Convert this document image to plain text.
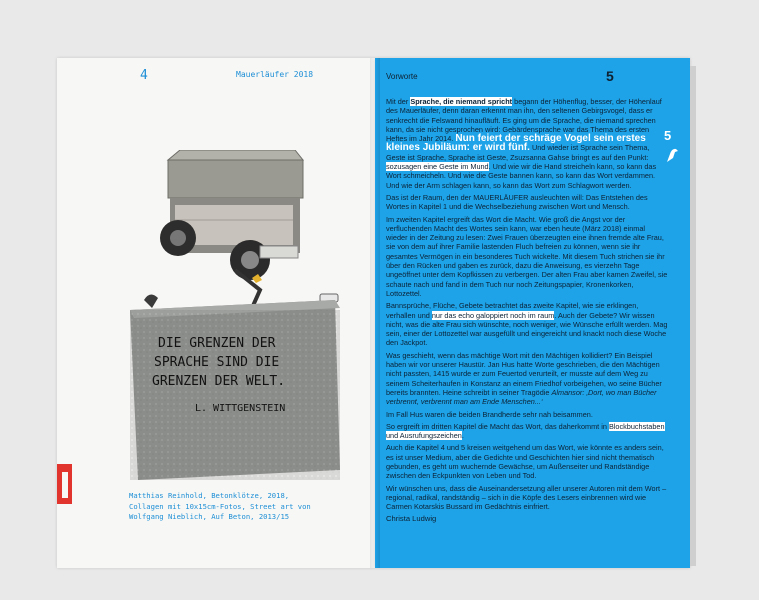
4	Mauerläufer 2018
DIE GRENZEN DER
SPRACHE SIND DIE
GRENZEN DER WELT.
L. WITTGENSTEIN
Matthias Reinhold, Betonklötze, 2018,
Collagen mit 10x15cm-Fotos, Street art von
Wolfgang Nieblich, Auf Beton, 2013/15
Vorworte	5
5

Mit der Sprache, die niemand spricht begann der Höhenflug, besser, der Höhenlauf des Mauerläufer, denn daran erkennt man ihn, den seltenen Gebirgsvogel, dass er senkrecht die Felswand hinaufläuft. Es ging um die Sprache, die niemand sprechen kann, da sie nicht gesprochen wird: Gebärdensprache war das Thema des ersten Heftes im Jahr 2014. Nun feiert der schräge Vogel sein erstes kleines Jubiläum: er wird fünf. Und wieder ist Sprache sein Thema, Geste ist Sprache, Sprache ist Geste, Zsuzsanna Gahse bringt es auf den Punkt: sozusagen eine Geste im Mund. Und wie wir die Hand streicheln kann, so kann das Wort schmeicheln. Und wie die Geste bannen kann, so kann das Wort verdammen. Und wie der Arm schlagen kann, so kann das Wort zum Schlagwort werden.

Das ist der Raum, den der MAUERLÄUFER ausleuchten will: Das Entstehen des Wortes in Kapitel 1 und die Wechselbeziehung zwischen Wort und Mensch.

Im zweiten Kapitel ergreift das Wort die Macht. Wie groß die Angst vor der verfluchenden Macht des Wortes sein kann, war eben heute (März 2018) einmal wieder in der Zeitung zu lesen: Zwei Frauen überzeugten eine ihnen fremde alte Frau, sie von dem auf ihrer Familie lastenden Fluch befreien zu können, wenn sie ihr gesamtes Vermögen in ein besonderes Tuch wickelte. Mit diesem Tuch strichen sie ihr über den Rücken und gaben es zurück, dazu die Anweisung, es vierzehn Tage ungeöffnet unter dem Kopfkissen zu verbergen. Der alten Frau aber kamen Zweifel, sie schaute nach und fand in dem Tuch nur noch Zeitungspapier, Kronenkorken, Lottozettel.

Bannsprüche, Flüche, Gebete betrachtet das zweite Kapitel, wie sie erklingen, verhallen und nur das echo galoppiert noch im raum. Auch der Gebete? Wir wissen nicht, was die alte Frau sich wünschte, noch weniger, wie Wünsche erfüllt werden. Mag sein, einer der Lottozettel war ausgefüllt und eingereicht und knackt noch diese Woche den Jackpot.

Was geschieht, wenn das mächtige Wort mit den Mächtigen kollidiert? Ein Beispiel haben wir vor unserer Haustür. Jan Hus hatte Worte geschrieben, die den Mächtigen nicht passten, 1415 wurde er zum Feuertod verurteilt, er musste auf dem Weg zu seinem Scheiterhaufen in Konstanz an einem Friedhof vorbeigehen, wo seine Bücher bereits brannten. Heine schreibt in seiner Tragödie Almansor: ‚Dort, wo man Bücher verbrennt, verbrennt man am Ende Menschen...‘

Im Fall Hus waren die beiden Brandherde sehr nah beisammen.

So ergreift im dritten Kapitel die Macht das Wort, das daherkommt in Blockbuchstaben und Ausrufungszeichen.

Auch die Kapitel 4 und 5 kreisen weitgehend um das Wort, wie könnte es anders sein, es ist unser Medium, aber die Gedichte und Geschichten hier sind nicht thematisch gebunden, es geht um wuchernde Gewächse, um Außenseiter und Randständige zwischen den Eckpunkten von Leben und Tod.

Wir wünschen uns, dass die Auseinandersetzung aller unserer Autoren mit dem Wort – regional, radikal, randständig – sich in die Köpfe des Lesers einbrennen wird wie Carmen Kotarskis Bussard im Gedächtnis einfriert.

Christa Ludwig
